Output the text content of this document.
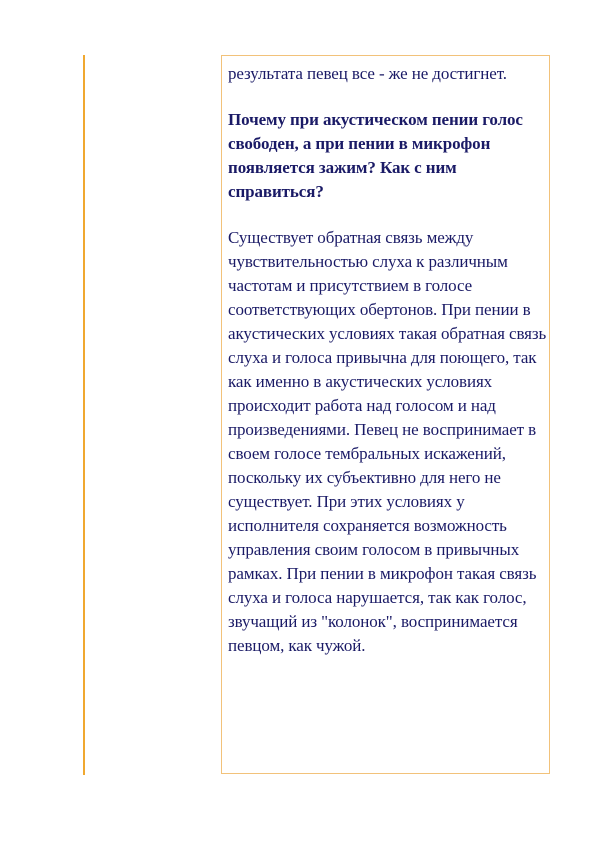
результата певец все - же не достигнет.

Почему при акустическом пении голос свободен, а при пении в микрофон появляется зажим? Как с ним справиться?

Существует обратная связь между чувствительностью слуха к различным частотам и присутствием в голосе соответствующих обертонов. При пении в акустических условиях такая обратная связь слуха и голоса привычна для поющего, так как именно в акустических условиях происходит работа над голосом и над произведениями. Певец не воспринимает в своем голосе тембральных искажений, поскольку их субъективно для него не существует. При этих условиях у исполнителя сохраняется возможность управления своим голосом в привычных рамках. При пении в микрофон такая связь слуха и голоса нарушается, так как голос, звучащий из "колонок", воспринимается певцом, как чужой.
